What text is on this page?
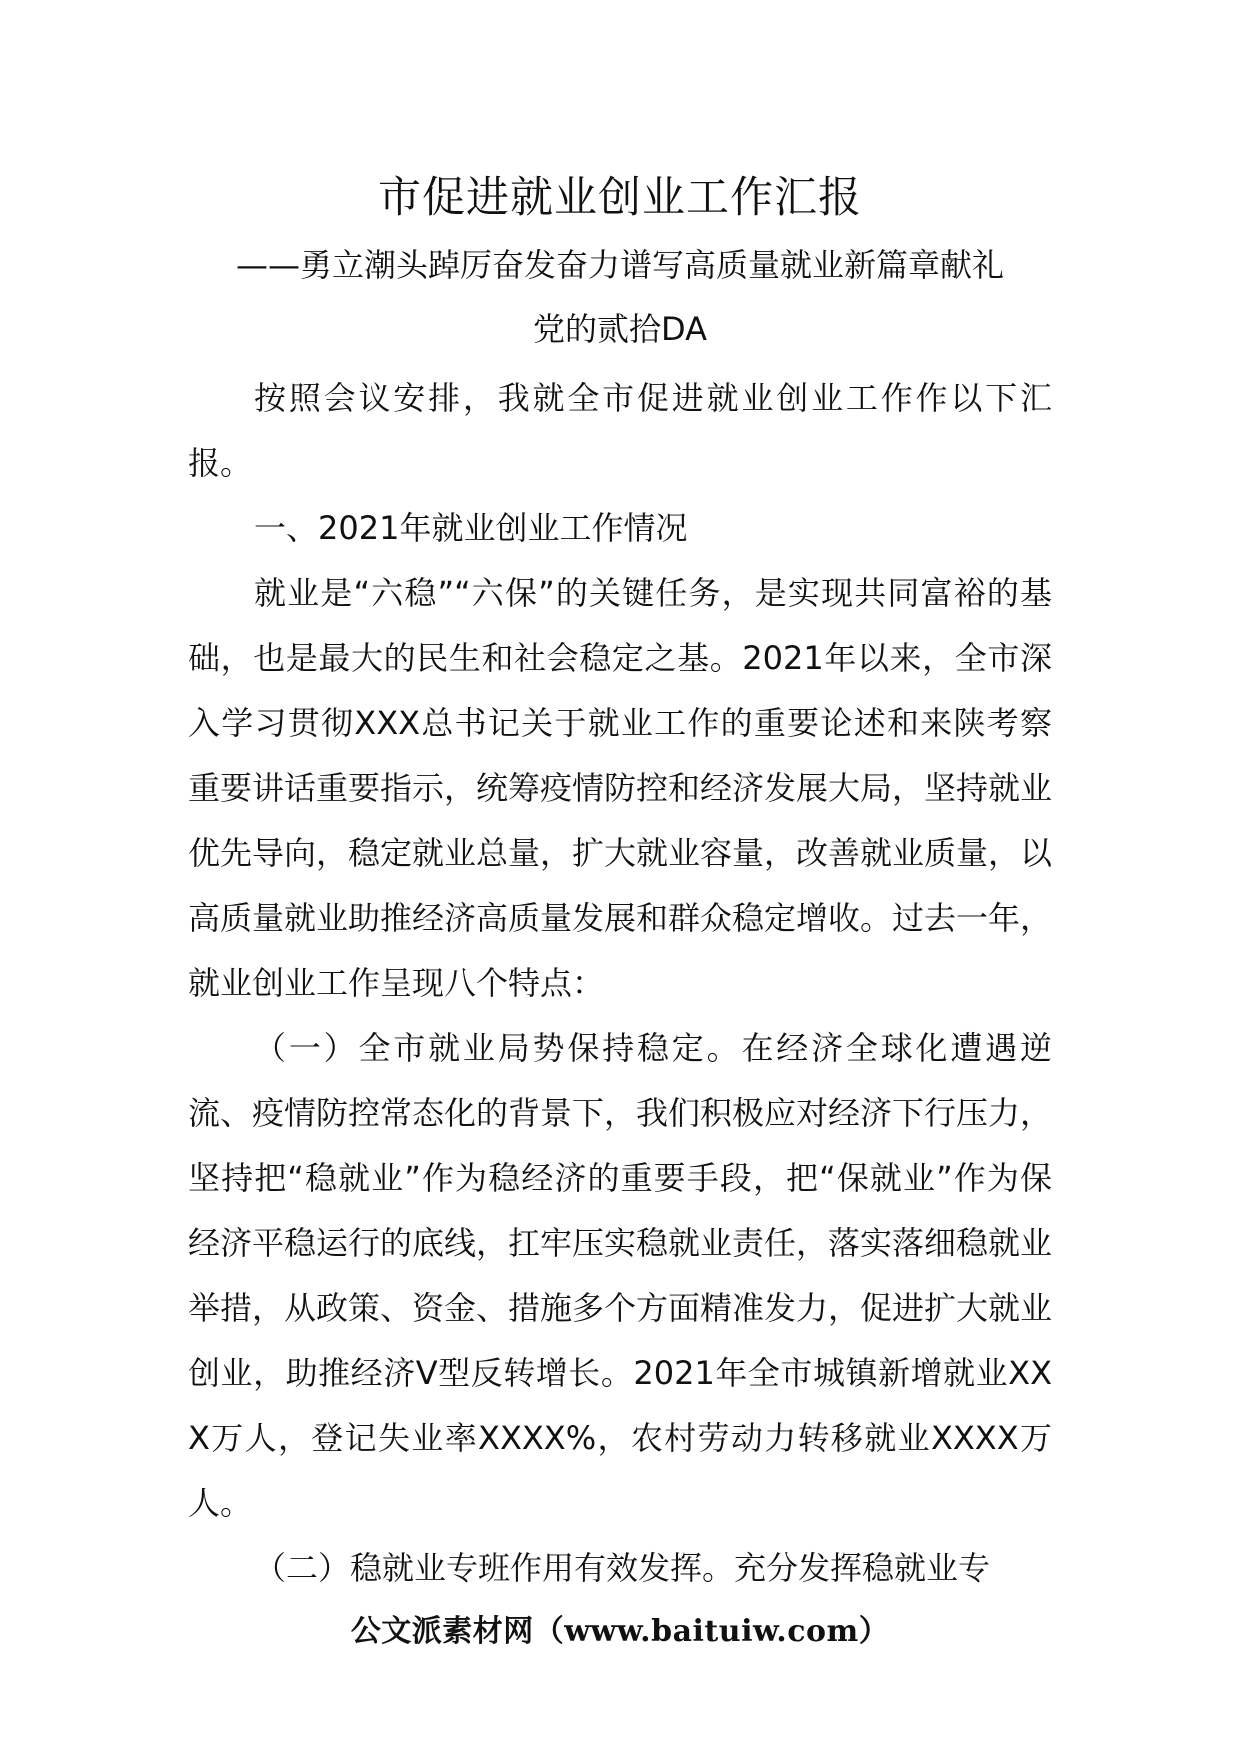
市促进就业创业工作汇报
——勇立潮头踔厉奋发奋力谱写高质量就业新篇章献礼
党的贰拾DA

按照会议安排，我就全市促进就业创业工作作以下汇报。

一、2021年就业创业工作情况

就业是“六稳”“六保”的关键任务，是实现共同富裕的基础，也是最大的民生和社会稳定之基。2021年以来，全市深入学习贯彻XXX总书记关于就业工作的重要论述和来陕考察重要讲话重要指示，统筹疫情防控和经济发展大局，坚持就业优先导向，稳定就业总量，扩大就业容量，改善就业质量，以高质量就业助推经济高质量发展和群众稳定增收。过去一年，就业创业工作呈现八个特点：

（一）全市就业局势保持稳定。在经济全球化遭遇逆流、疫情防控常态化的背景下，我们积极应对经济下行压力，坚持把“稳就业”作为稳经济的重要手段，把“保就业”作为保经济平稳运行的底线，扛牢压实稳就业责任，落实落细稳就业举措，从政策、资金、措施多个方面精准发力，促进扩大就业创业，助推经济V型反转增长。2021年全市城镇新增就业XXX万人，登记失业率XXXX%，农村劳动力转移就业XXXX万人。

（二）稳就业专班作用有效发挥。充分发挥稳就业专

公文派素材网（www.baituiw.com）
